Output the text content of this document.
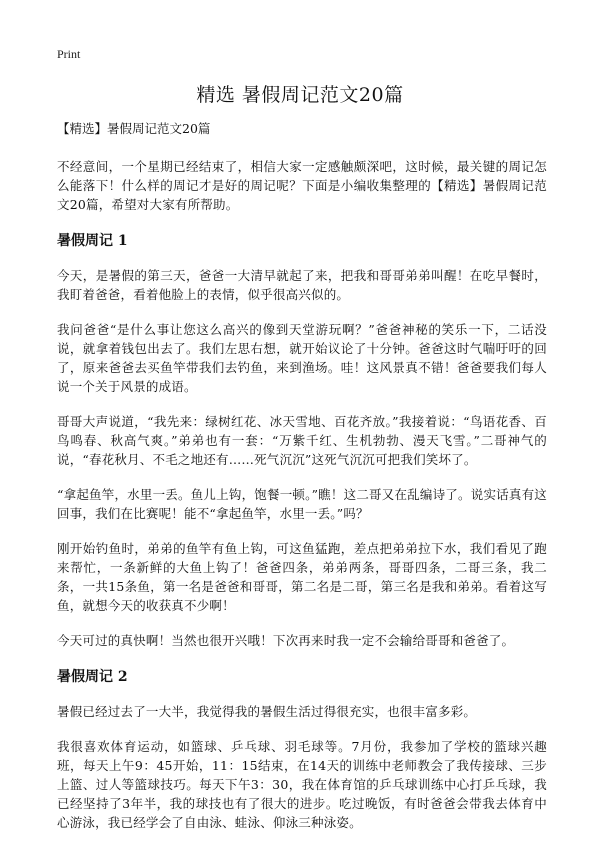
Print
精选 暑假周记范文20篇
【精选】暑假周记范文20篇

不经意间，一个星期已经结束了，相信大家一定感触颇深吧，这时候，最关键的周记怎么能落下！什么样的周记才是好的周记呢？下面是小编收集整理的【精选】暑假周记范文20篇，希望对大家有所帮助。

暑假周记 1

今天，是暑假的第三天，爸爸一大清早就起了来，把我和哥哥弟弟叫醒！在吃早餐时，我盯着爸爸，看着他脸上的表情，似乎很高兴似的。

我问爸爸“是什么事让您这么高兴的像到天堂游玩啊？”爸爸神秘的笑乐一下，二话没说，就拿着钱包出去了。我们左思右想，就开始议论了十分钟。爸爸这时气喘吁吁的回了，原来爸爸去买鱼竿带我们去钓鱼，来到渔场。哇！这风景真不错！爸爸要我们每人说一个关于风景的成语。

哥哥大声说道，“我先来：绿树红花、冰天雪地、百花齐放。”我接着说：“鸟语花香、百鸟鸣春、秋高气爽。”弟弟也有一套：“万紫千红、生机勃勃、漫天飞雪。”二哥神气的说，“春花秋月、不毛之地还有……死气沉沉”这死气沉沉可把我们笑坏了。

“拿起鱼竿，水里一丢。鱼儿上钩，饱餐一顿。”瞧！这二哥又在乱编诗了。说实话真有这回事，我们在比赛呢！能不“拿起鱼竿，水里一丢。”吗？

刚开始钓鱼时，弟弟的鱼竿有鱼上钩，可这鱼猛跑，差点把弟弟拉下水，我们看见了跑来帮忙，一条新鲜的大鱼上钩了！爸爸四条，弟弟两条，哥哥四条，二哥三条，我二条，一共15条鱼，第一名是爸爸和哥哥，第二名是二哥，第三名是我和弟弟。看着这写鱼，就想今天的收获真不少啊！

今天可过的真快啊！当然也很开兴哦！下次再来时我一定不会输给哥哥和爸爸了。

暑假周记 2

暑假已经过去了一大半，我觉得我的暑假生活过得很充实，也很丰富多彩。

我很喜欢体育运动，如篮球、乒乓球、羽毛球等。7月份，我参加了学校的篮球兴趣班，每天上午9：45开始，11：15结束，在14天的训练中老师教会了我传接球、三步上篮、过人等篮球技巧。每天下午3：30，我在体育馆的乒乓球训练中心打乒乓球，我已经坚持了3年半，我的球技也有了很大的进步。吃过晚饭，有时爸爸会带我去体育中心游泳，我已经学会了自由泳、蛙泳、仰泳三种泳姿。
